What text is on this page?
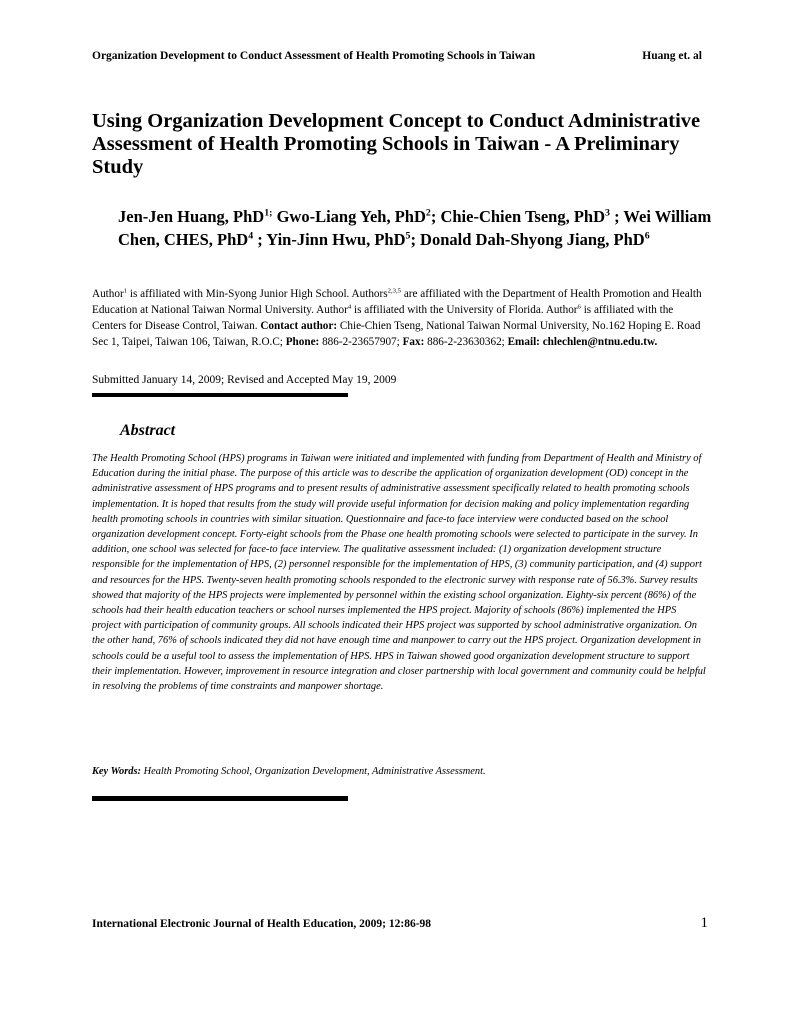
Organization Development to Conduct Assessment of Health Promoting Schools in Taiwan	Huang et. al
Using Organization Development Concept to Conduct Administrative Assessment of Health Promoting Schools in Taiwan - A Preliminary Study
Jen-Jen Huang, PhD$^{1;}$ Gwo-Liang Yeh, PhD$^2$; Chie-Chien Tseng, PhD$^3$ ; Wei William Chen, CHES, PhD$^4$ ; Yin-Jinn Hwu, PhD$^5$; Donald Dah-Shyong Jiang, PhD$^6$
Author$^1$ is affiliated with Min-Syong Junior High School. Authors$^{2,3,5}$ are affiliated with the Department of Health Promotion and Health Education at National Taiwan Normal University. Author$^4$ is affiliated with the University of Florida. Author$^6$ is affiliated with the Centers for Disease Control, Taiwan. Contact author: Chie-Chien Tseng, National Taiwan Normal University, No.162 Hoping E. Road Sec 1, Taipei, Taiwan 106, Taiwan, R.O.C; Phone: 886-2-23657907; Fax: 886-2-23630362; Email: chlechlen@ntnu.edu.tw.
Submitted January 14, 2009; Revised and Accepted May 19, 2009
Abstract
The Health Promoting School (HPS) programs in Taiwan were initiated and implemented with funding from Department of Health and Ministry of Education during the initial phase. The purpose of this article was to describe the application of organization development (OD) concept in the administrative assessment of HPS programs and to present results of administrative assessment specifically related to health promoting schools implementation. It is hoped that results from the study will provide useful information for decision making and policy implementation regarding health promoting schools in countries with similar situation. Questionnaire and face-to face interview were conducted based on the school organization development concept. Forty-eight schools from the Phase one health promoting schools were selected to participate in the survey. In addition, one school was selected for face-to face interview. The qualitative assessment included: (1) organization development structure responsible for the implementation of HPS, (2) personnel responsible for the implementation of HPS, (3) community participation, and (4) support and resources for the HPS. Twenty-seven health promoting schools responded to the electronic survey with response rate of 56.3%. Survey results showed that majority of the HPS projects were implemented by personnel within the existing school organization. Eighty-six percent (86%) of the schools had their health education teachers or school nurses implemented the HPS project. Majority of schools (86%) implemented the HPS project with participation of community groups. All schools indicated their HPS project was supported by school administrative organization. On the other hand, 76% of schools indicated they did not have enough time and manpower to carry out the HPS project. Organization development in schools could be a useful tool to assess the implementation of HPS. HPS in Taiwan showed good organization development structure to support their implementation. However, improvement in resource integration and closer partnership with local government and community could be helpful in resolving the problems of time constraints and manpower shortage.
Key Words: Health Promoting School, Organization Development, Administrative Assessment.
International Electronic Journal of Health Education, 2009; 12:86-98	1
